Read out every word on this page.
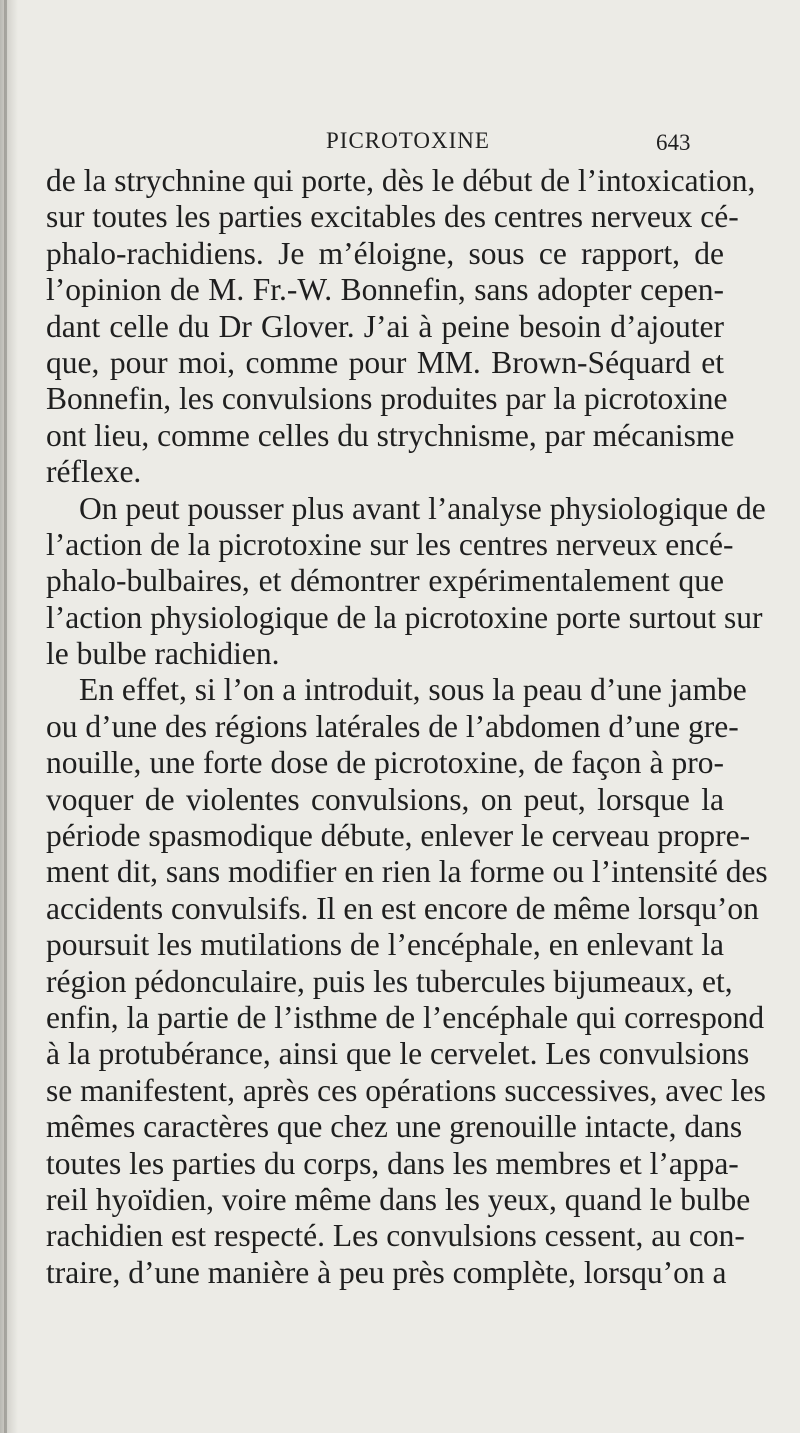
PICROTOXINE	643
de la strychnine qui porte, dès le début de l’intoxication,
sur toutes les parties excitables des centres nerveux cé-
phalo-rachidiens. Je m’éloigne, sous ce rapport, de
l’opinion de M. Fr.-W. Bonnefin, sans adopter cepen-
dant celle du Dr Glover. J’ai à peine besoin d’ajouter
que, pour moi, comme pour MM. Brown-Séquard et
Bonnefin, les convulsions produites par la picrotoxine
ont lieu, comme celles du strychnisme, par mécanisme
réflexe.
On peut pousser plus avant l’analyse physiologique de
l’action de la picrotoxine sur les centres nerveux encé-
phalo-bulbaires, et démontrer expérimentalement que
l’action physiologique de la picrotoxine porte surtout sur
le bulbe rachidien.
En effet, si l’on a introduit, sous la peau d’une jambe
ou d’une des régions latérales de l’abdomen d’une gre-
nouille, une forte dose de picrotoxine, de façon à pro-
voquer de violentes convulsions, on peut, lorsque la
période spasmodique débute, enlever le cerveau propre-
ment dit, sans modifier en rien la forme ou l’intensité des
accidents convulsifs. Il en est encore de même lorsqu’on
poursuit les mutilations de l’encéphale, en enlevant la
région pédonculaire, puis les tubercules bijumeaux, et,
enfin, la partie de l’isthme de l’encéphale qui correspond
à la protubérance, ainsi que le cervelet. Les convulsions
se manifestent, après ces opérations successives, avec les
mêmes caractères que chez une grenouille intacte, dans
toutes les parties du corps, dans les membres et l’appa-
reil hyoïdien, voire même dans les yeux, quand le bulbe
rachidien est respecté. Les convulsions cessent, au con-
traire, d’une manière à peu près complète, lorsqu’on a
